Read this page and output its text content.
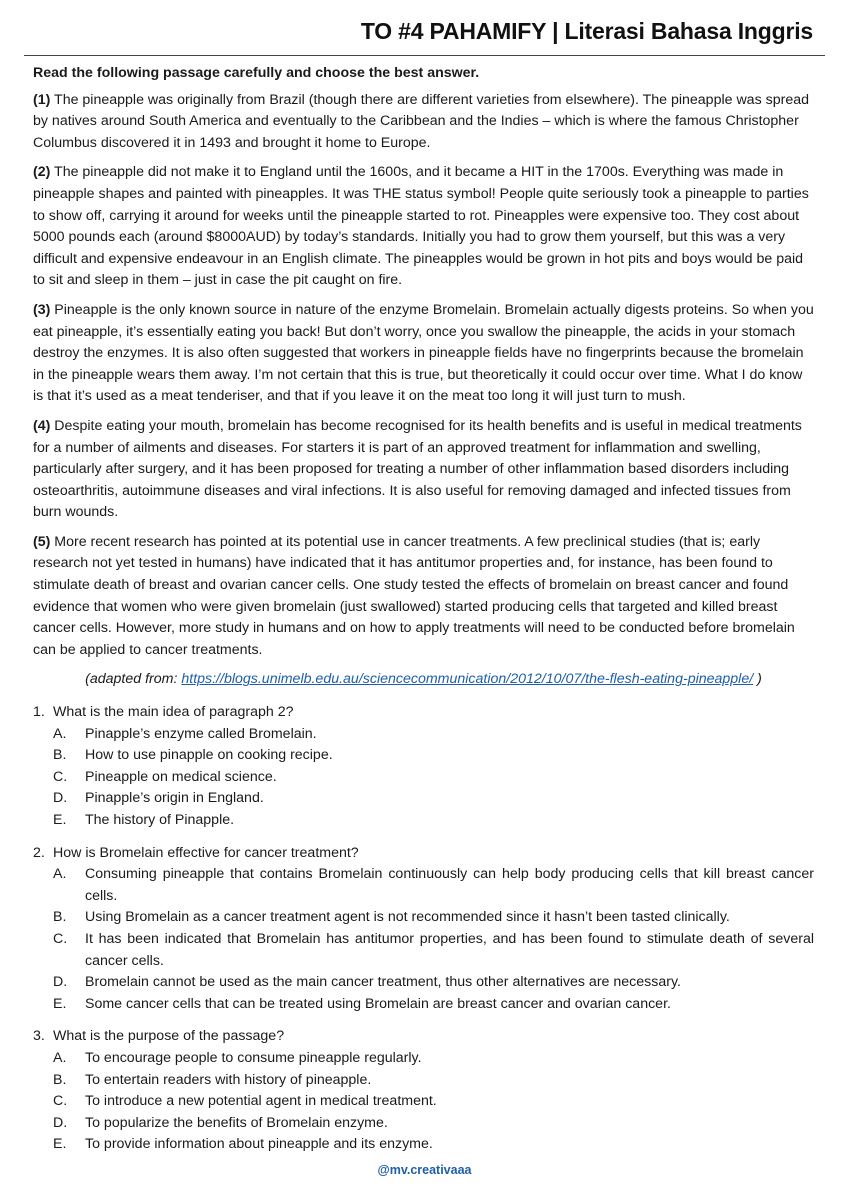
TO #4 PAHAMIFY | Literasi Bahasa Inggris
Read the following passage carefully and choose the best answer.

(1) The pineapple was originally from Brazil (though there are different varieties from elsewhere). The pineapple was spread by natives around South America and eventually to the Caribbean and the Indies – which is where the famous Christopher Columbus discovered it in 1493 and brought it home to Europe.

(2) The pineapple did not make it to England until the 1600s, and it became a HIT in the 1700s. Everything was made in pineapple shapes and painted with pineapples. It was THE status symbol! People quite seriously took a pineapple to parties to show off, carrying it around for weeks until the pineapple started to rot. Pineapples were expensive too. They cost about 5000 pounds each (around $8000AUD) by today’s standards. Initially you had to grow them yourself, but this was a very difficult and expensive endeavour in an English climate. The pineapples would be grown in hot pits and boys would be paid to sit and sleep in them – just in case the pit caught on fire.

(3) Pineapple is the only known source in nature of the enzyme Bromelain. Bromelain actually digests proteins. So when you eat pineapple, it’s essentially eating you back! But don’t worry, once you swallow the pineapple, the acids in your stomach destroy the enzymes. It is also often suggested that workers in pineapple fields have no fingerprints because the bromelain in the pineapple wears them away. I’m not certain that this is true, but theoretically it could occur over time. What I do know is that it’s used as a meat tenderiser, and that if you leave it on the meat too long it will just turn to mush.

(4) Despite eating your mouth, bromelain has become recognised for its health benefits and is useful in medical treatments for a number of ailments and diseases. For starters it is part of an approved treatment for inflammation and swelling, particularly after surgery, and it has been proposed for treating a number of other inflammation based disorders including osteoarthritis, autoimmune diseases and viral infections. It is also useful for removing damaged and infected tissues from burn wounds.

(5) More recent research has pointed at its potential use in cancer treatments. A few preclinical studies (that is; early research not yet tested in humans) have indicated that it has antitumor properties and, for instance, has been found to stimulate death of breast and ovarian cancer cells. One study tested the effects of bromelain on breast cancer and found evidence that women who were given bromelain (just swallowed) started producing cells that targeted and killed breast cancer cells. However, more study in humans and on how to apply treatments will need to be conducted before bromelain can be applied to cancer treatments.

(adapted from: https://blogs.unimelb.edu.au/sciencecommunication/2012/10/07/the-flesh-eating-pineapple/ )
1. What is the main idea of paragraph 2?
A.	Pinapple’s enzyme called Bromelain.
B.	How to use pinapple on cooking recipe.
C.	Pineapple on medical science.
D.	Pinapple’s origin in England.
E.	The history of Pinapple.
2. How is Bromelain effective for cancer treatment?
A.	Consuming pineapple that contains Bromelain continuously can help body producing cells that kill breast cancer cells.
B.	Using Bromelain as a cancer treatment agent is not recommended since it hasn’t been tasted clinically.
C.	It has been indicated that Bromelain has antitumor properties, and has been found to stimulate death of several cancer cells.
D.	Bromelain cannot be used as the main cancer treatment, thus other alternatives are necessary.
E.	Some cancer cells that can be treated using Bromelain are breast cancer and ovarian cancer.
3. What is the purpose of the passage?
A.	To encourage people to consume pineapple regularly.
B.	To entertain readers with history of pineapple.
C.	To introduce a new potential agent in medical treatment.
D.	To popularize the benefits of Bromelain enzyme.
E.	To provide information about pineapple and its enzyme.
@mv.creativaaa
